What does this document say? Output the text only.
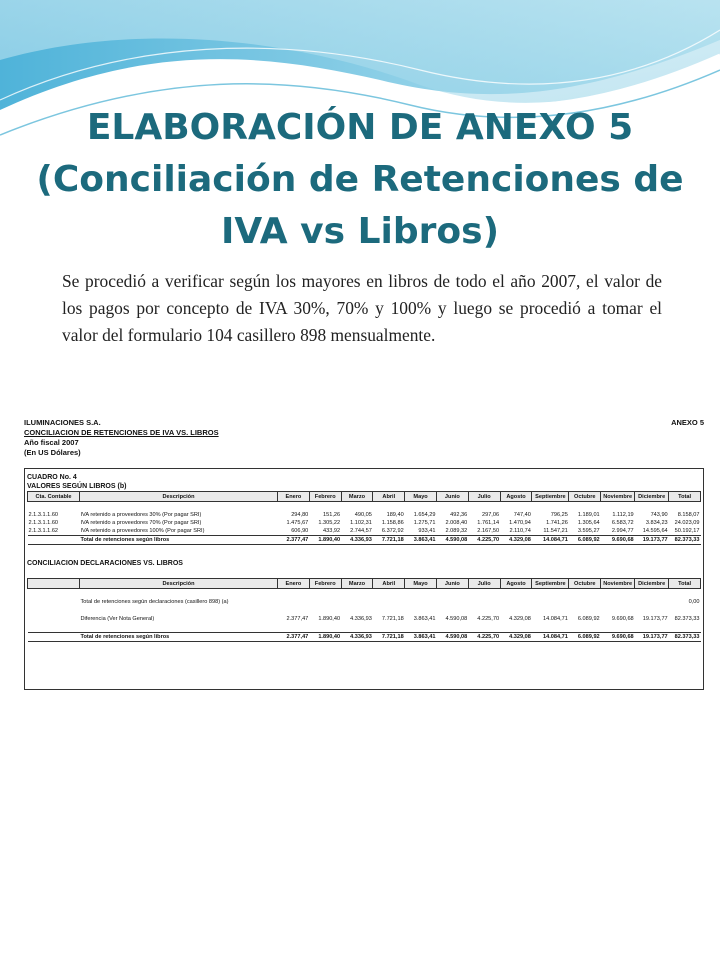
ELABORACIÓN DE ANEXO 5
(Conciliación de Retenciones de
IVA vs Libros)

Se procedió a verificar según los mayores en libros de todo el año 2007, el valor de los pagos por concepto de IVA 30%, 70% y 100% y luego se procedió a tomar el valor del formulario 104 casillero 898 mensualmente.

ILUMINACIONES S.A.	ANEXO 5
CONCILIACION DE RETENCIONES DE IVA VS. LIBROS
Año fiscal 2007
(En US Dólares)
CUADRO No. 4
VALORES SEGÚN LIBROS (b)
Cta. Contable	Descripción	Enero	Febrero	Marzo	Abril	Mayo	Junio	Julio	Agosto	Septiembre	Octubre	Noviembre	Diciembre	Total

2.1.3.1.1.60	IVA retenido a proveedores 30% (Por pagar SRI)	294,80	151,26	490,05	189,40	1.654,29	492,36	297,06	747,40	796,25	1.189,01	1.112,19	743,90	8.158,07
2.1.3.1.1.60	IVA retenido a proveedores 70% (Por pagar SRI)	1.475,67	1.305,22	1.102,31	1.158,86	1.275,71	2.008,40	1.761,14	1.470,94	1.741,26	1.305,64	6.583,72	3.834,23	24.023,09
2.1.3.1.1.62	IVA retenido a proveedores 100% (Por pagar SRI)	606,90	433,92	2.744,57	6.372,92	933,41	2.089,32	2.167,50	2.110,74	11.547,21	3.595,27	2.994,77	14.595,64	50.192,17
	Total de retenciones según libros	2.377,47	1.890,40	4.336,93	7.721,18	3.863,41	4.590,08	4.225,70	4.329,08	14.084,71	6.089,92	9.690,68	19.173,77	82.373,33
CONCILIACION DECLARACIONES VS. LIBROS
	Descripción	Enero	Febrero	Marzo	Abril	Mayo	Junio	Julio	Agosto	Septiembre	Octubre	Noviembre	Diciembre	Total

	Total de retenciones según declaraciones (casillero 898) (a)													0,00

	Diferencia (Ver Nota General)	2.377,47	1.890,40	4.336,93	7.721,18	3.863,41	4.590,08	4.225,70	4.329,08	14.084,71	6.089,92	9.690,68	19.173,77	82.373,33

	Total de retenciones según libros	2.377,47	1.890,40	4.336,93	7.721,18	3.863,41	4.590,08	4.225,70	4.329,08	14.084,71	6.089,92	9.690,68	19.173,77	82.373,33
